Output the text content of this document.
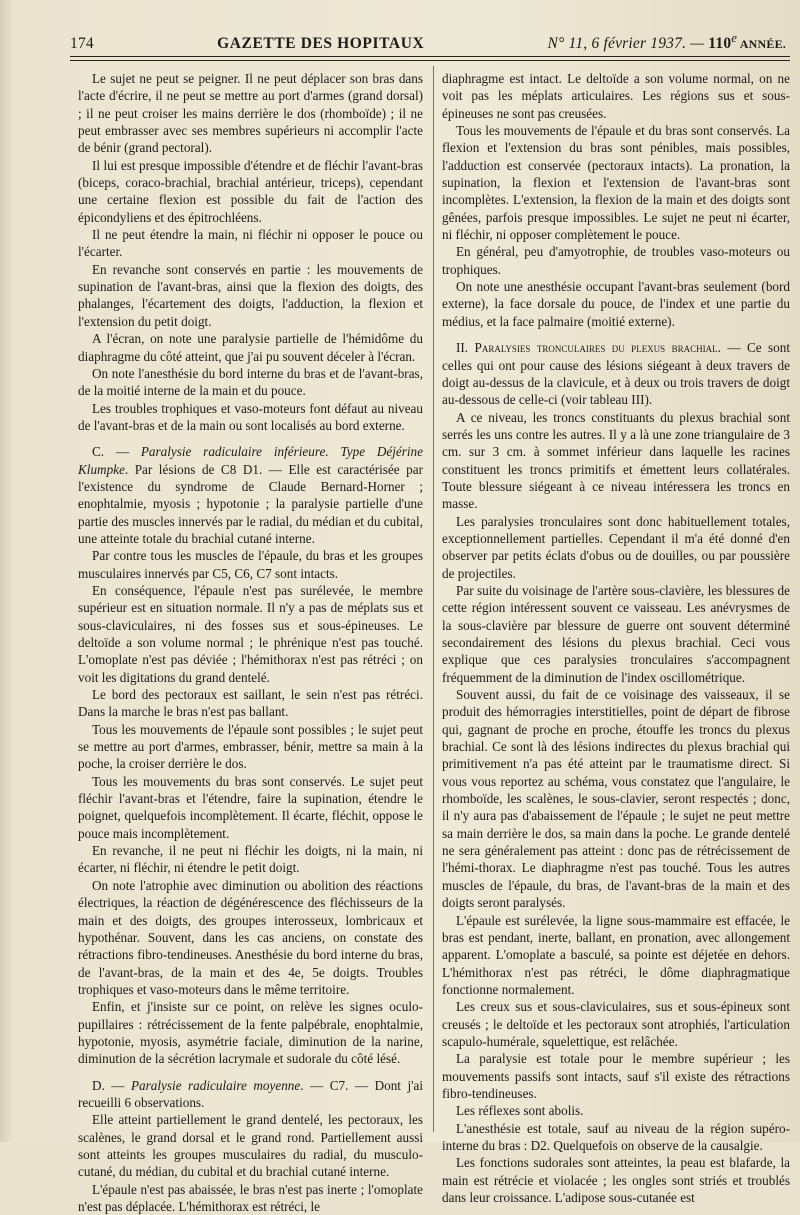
174	GAZETTE DES HOPITAUX	N° 11, 6 février 1937. — 110e ANNÉE.

Le sujet ne peut se peigner. Il ne peut déplacer son bras dans l'acte d'écrire, il ne peut se mettre au port d'armes (grand dorsal) ; il ne peut croiser les mains derrière le dos (rhomboïde) ; il ne peut embrasser avec ses membres supérieurs ni accomplir l'acte de bénir (grand pectoral).

Il lui est presque impossible d'étendre et de fléchir l'avant-bras (biceps, coraco-brachial, brachial antérieur, triceps), cependant une certaine flexion est possible du fait de l'action des épicondyliens et des épitrochléens.

Il ne peut étendre la main, ni fléchir ni opposer le pouce ou l'écarter.

En revanche sont conservés en partie : les mouvements de supination de l'avant-bras, ainsi que la flexion des doigts, des phalanges, l'écartement des doigts, l'adduction, la flexion et l'extension du petit doigt.

A l'écran, on note une paralysie partielle de l'hémidôme du diaphragme du côté atteint, que j'ai pu souvent déceler à l'écran.

On note l'anesthésie du bord interne du bras et de l'avant-bras, de la moitié interne de la main et du pouce.

Les troubles trophiques et vaso-moteurs font défaut au niveau de l'avant-bras et de la main ou sont localisés au bord externe.

C. — Paralysie radiculaire inférieure. Type Déjérine Klumpke. Par lésions de C8 D1. — Elle est caractérisée par l'existence du syndrome de Claude Bernard-Horner ; enophtalmie, myosis ; hypotonie ; la paralysie partielle d'une partie des muscles innervés par le radial, du médian et du cubital, une atteinte totale du brachial cutané interne.

Par contre tous les muscles de l'épaule, du bras et les groupes musculaires innervés par C5, C6, C7 sont intacts.

En conséquence, l'épaule n'est pas surélevée, le membre supérieur est en situation normale. Il n'y a pas de méplats sus et sous-claviculaires, ni des fosses sus et sous-épineuses. Le deltoïde a son volume normal ; le phrénique n'est pas touché. L'omoplate n'est pas déviée ; l'hémithorax n'est pas rétréci ; on voit les digitations du grand dentelé.

Le bord des pectoraux est saillant, le sein n'est pas rétréci. Dans la marche le bras n'est pas ballant.

Tous les mouvements de l'épaule sont possibles ; le sujet peut se mettre au port d'armes, embrasser, bénir, mettre sa main à la poche, la croiser derrière le dos.

Tous les mouvements du bras sont conservés. Le sujet peut fléchir l'avant-bras et l'étendre, faire la supination, étendre le poignet, quelquefois incomplètement. Il écarte, fléchit, oppose le pouce mais incomplètement.

En revanche, il ne peut ni fléchir les doigts, ni la main, ni écarter, ni fléchir, ni étendre le petit doigt.

On note l'atrophie avec diminution ou abolition des réactions électriques, la réaction de dégénérescence des fléchisseurs de la main et des doigts, des groupes interosseux, lombricaux et hypothénar. Souvent, dans les cas anciens, on constate des rétractions fibro-tendineuses. Anesthésie du bord interne du bras, de l'avant-bras, de la main et des 4e, 5e doigts. Troubles trophiques et vaso-moteurs dans le même territoire.

Enfin, et j'insiste sur ce point, on relève les signes oculo-pupillaires : rétrécissement de la fente palpébrale, enophtalmie, hypotonie, myosis, asymétrie faciale, diminution de la narine, diminution de la sécrétion lacrymale et sudorale du côté lésé.

D. — Paralysie radiculaire moyenne. — C7. — Dont j'ai recueilli 6 observations.

Elle atteint partiellement le grand dentelé, les pectoraux, les scalènes, le grand dorsal et le grand rond. Partiellement aussi sont atteints les groupes musculaires du radial, du musculo-cutané, du médian, du cubital et du brachial cutané interne.

L'épaule n'est pas abaissée, le bras n'est pas inerte ; l'omoplate n'est pas déplacée. L'hémithorax est rétréci, le

diaphragme est intact. Le deltoïde a son volume normal, on ne voit pas les méplats articulaires. Les régions sus et sous-épineuses ne sont pas creusées.

Tous les mouvements de l'épaule et du bras sont conservés. La flexion et l'extension du bras sont pénibles, mais possibles, l'adduction est conservée (pectoraux intacts). La pronation, la supination, la flexion et l'extension de l'avant-bras sont incomplètes. L'extension, la flexion de la main et des doigts sont gênées, parfois presque impossibles. Le sujet ne peut ni écarter, ni fléchir, ni opposer complètement le pouce.

En général, peu d'amyotrophie, de troubles vaso-moteurs ou trophiques.

On note une anesthésie occupant l'avant-bras seulement (bord externe), la face dorsale du pouce, de l'index et une partie du médius, et la face palmaire (moitié externe).

II. Paralysies tronculaires du plexus brachial. — Ce sont celles qui ont pour cause des lésions siégeant à deux travers de doigt au-dessus de la clavicule, et à deux ou trois travers de doigt au-dessous de celle-ci (voir tableau III).

A ce niveau, les troncs constituants du plexus brachial sont serrés les uns contre les autres. Il y a là une zone triangulaire de 3 cm. sur 3 cm. à sommet inférieur dans laquelle les racines constituent les troncs primitifs et émettent leurs collatérales. Toute blessure siégeant à ce niveau intéressera les troncs en masse.

Les paralysies tronculaires sont donc habituellement totales, exceptionnellement partielles. Cependant il m'a été donné d'en observer par petits éclats d'obus ou de douilles, ou par poussière de projectiles.

Par suite du voisinage de l'artère sous-clavière, les blessures de cette région intéressent souvent ce vaisseau. Les anévrysmes de la sous-clavière par blessure de guerre ont souvent déterminé secondairement des lésions du plexus brachial. Ceci vous explique que ces paralysies tronculaires s'accompagnent fréquemment de la diminution de l'index oscillométrique.

Souvent aussi, du fait de ce voisinage des vaisseaux, il se produit des hémorragies interstitielles, point de départ de fibrose qui, gagnant de proche en proche, étouffe les troncs du plexus brachial. Ce sont là des lésions indirectes du plexus brachial qui primitivement n'a pas été atteint par le traumatisme direct. Si vous vous reportez au schéma, vous constatez que l'angulaire, le rhomboïde, les scalènes, le sous-clavier, seront respectés ; donc, il n'y aura pas d'abaissement de l'épaule ; le sujet ne peut mettre sa main derrière le dos, sa main dans la poche. Le grande dentelé ne sera généralement pas atteint : donc pas de rétrécissement de l'hémi-thorax. Le diaphragme n'est pas touché. Tous les autres muscles de l'épaule, du bras, de l'avant-bras de la main et des doigts seront paralysés.

L'épaule est surélevée, la ligne sous-mammaire est effacée, le bras est pendant, inerte, ballant, en pronation, avec allongement apparent. L'omoplate a basculé, sa pointe est déjetée en dehors. L'hémithorax n'est pas rétréci, le dôme diaphragmatique fonctionne normalement.

Les creux sus et sous-claviculaires, sus et sous-épineux sont creusés ; le deltoïde et les pectoraux sont atrophiés, l'articulation scapulo-humérale, squelettique, est relâchée.

La paralysie est totale pour le membre supérieur ; les mouvements passifs sont intacts, sauf s'il existe des rétractions fibro-tendineuses.

Les réflexes sont abolis.

L'anesthésie est totale, sauf au niveau de la région supéro-interne du bras : D2. Quelquefois on observe de la causalgie.

Les fonctions sudorales sont atteintes, la peau est blafarde, la main est rétrécie et violacée ; les ongles sont striés et troublés dans leur croissance. L'adipose sous-cutanée est
